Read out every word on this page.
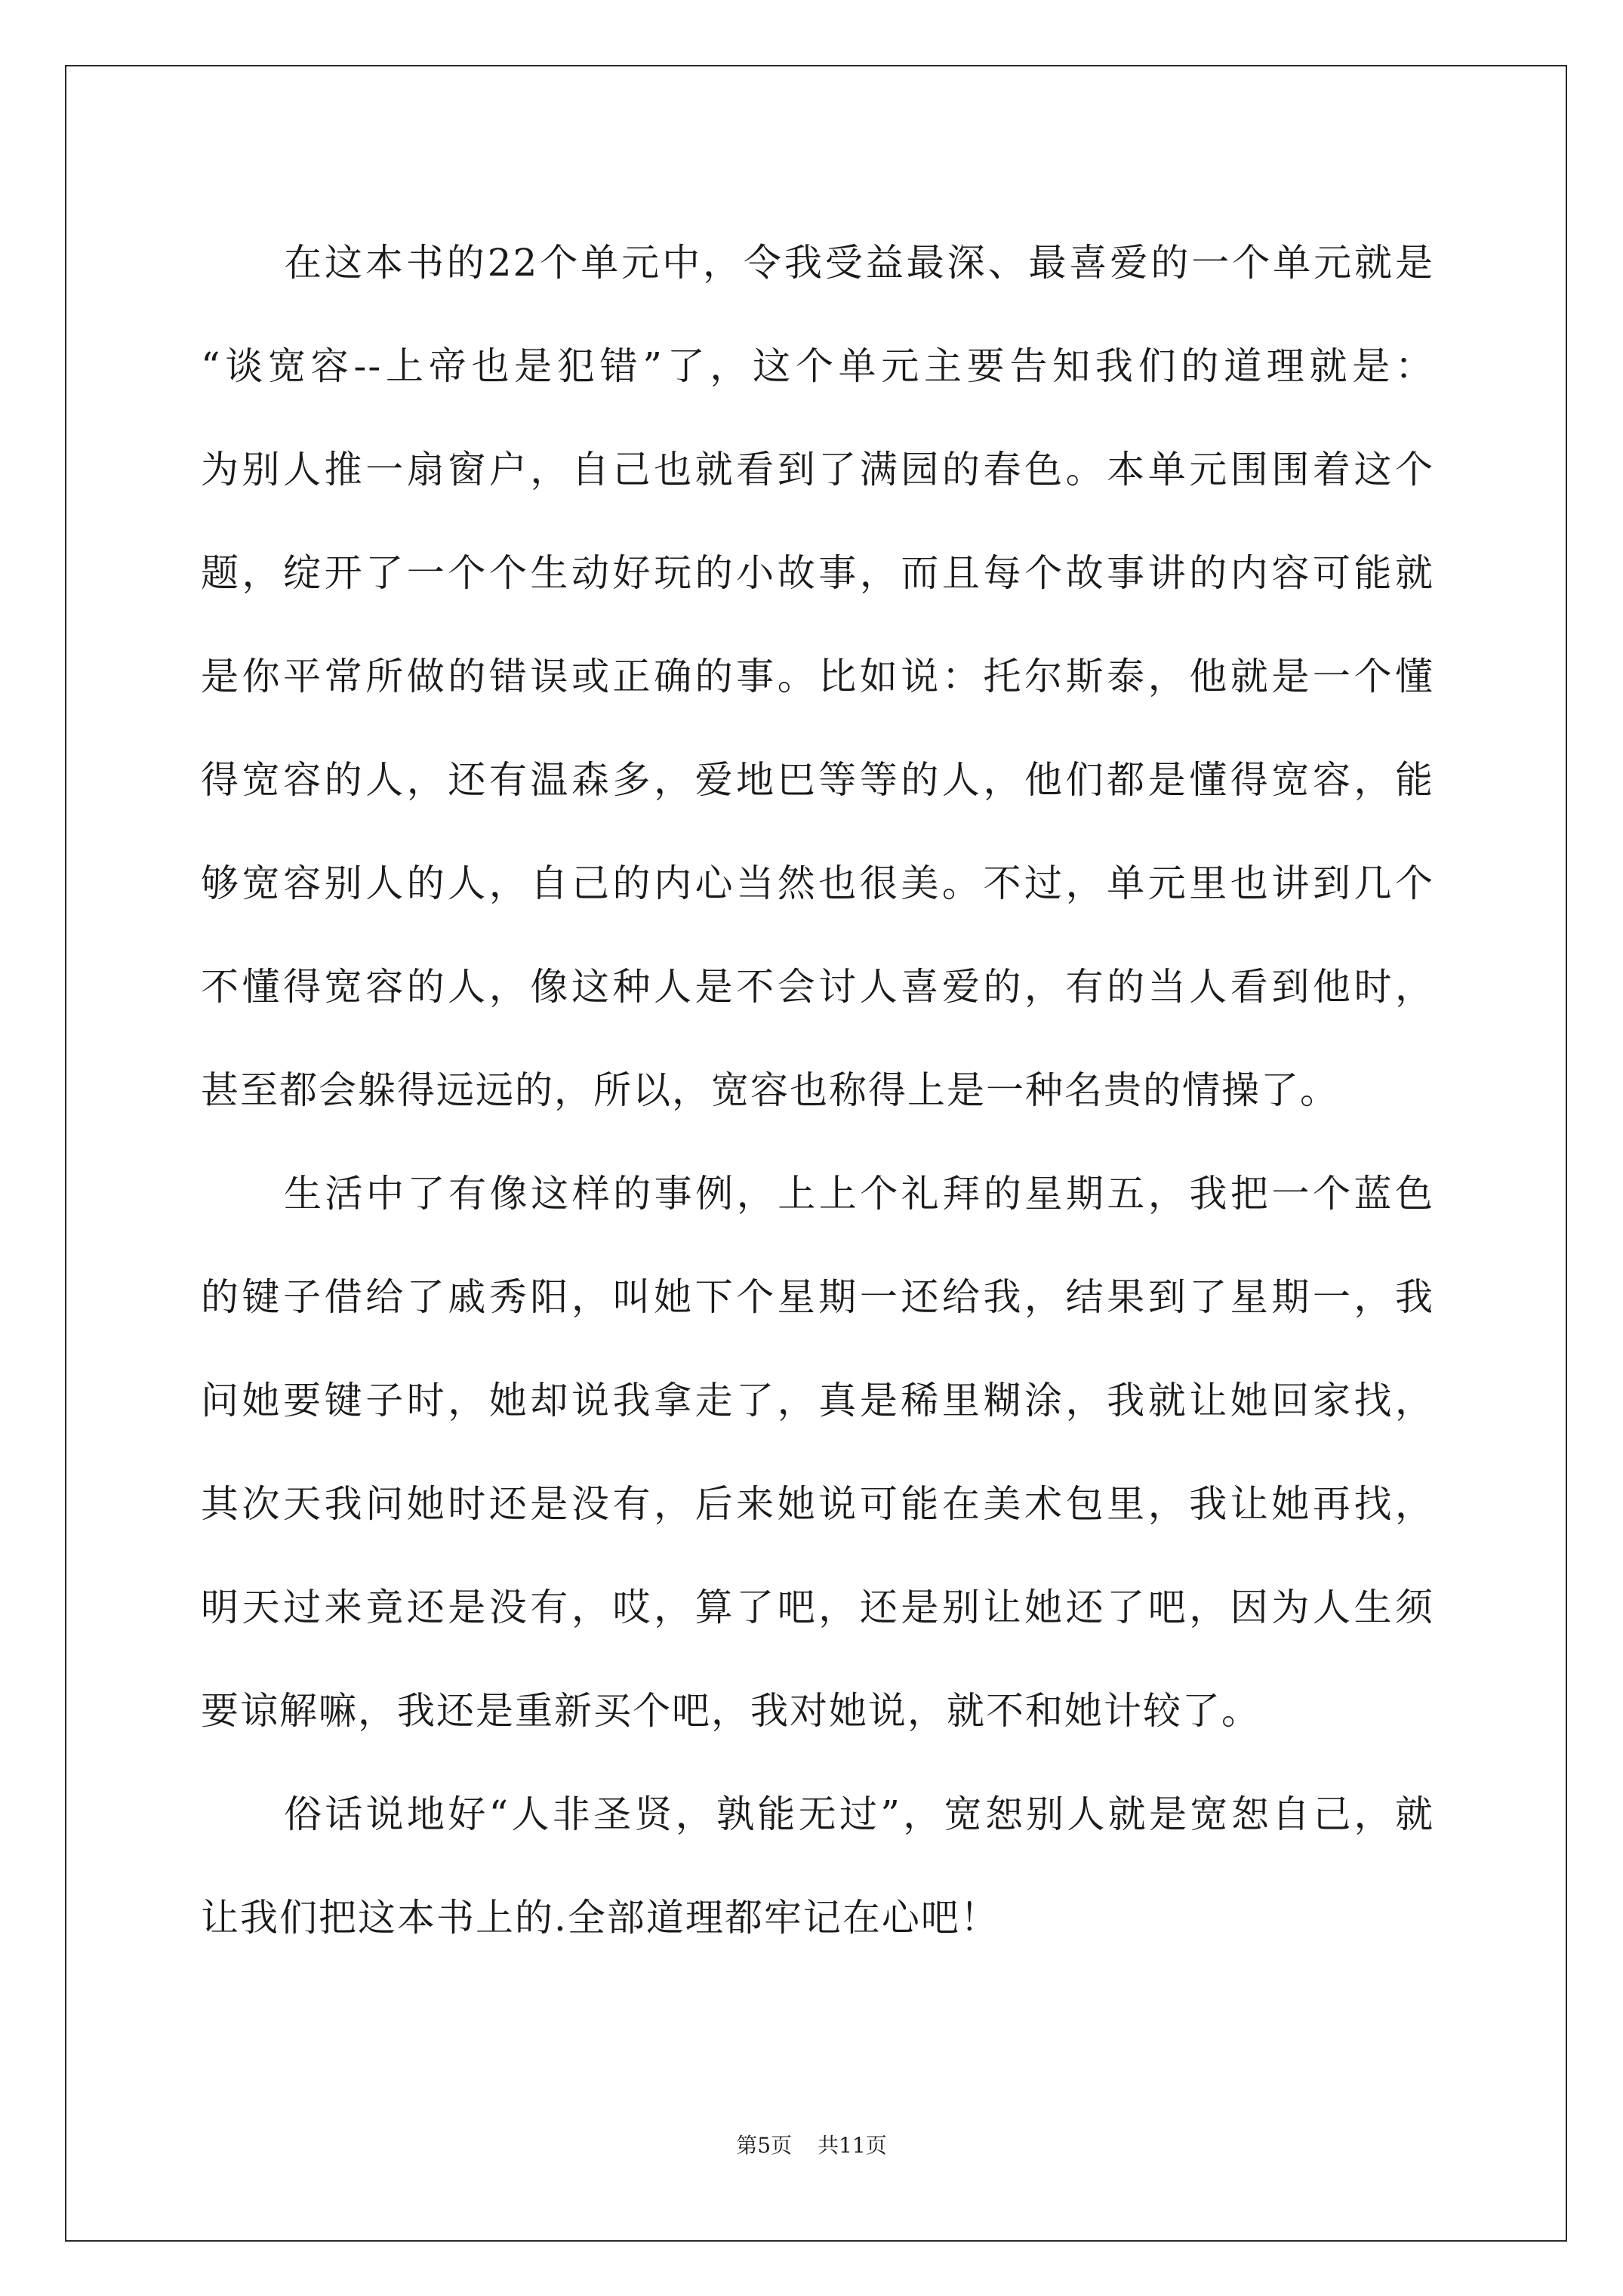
在这本书的22个单元中，令我受益最深、最喜爱的一个单元就是
“谈宽容--上帝也是犯错”了，这个单元主要告知我们的道理就是：
为别人推一扇窗户，自己也就看到了满园的春色。本单元围围着这个
题，绽开了一个个生动好玩的小故事，而且每个故事讲的内容可能就
是你平常所做的错误或正确的事。比如说：托尔斯泰，他就是一个懂
得宽容的人，还有温森多，爱地巴等等的人，他们都是懂得宽容，能
够宽容别人的人，自己的内心当然也很美。不过，单元里也讲到几个
不懂得宽容的人，像这种人是不会讨人喜爱的，有的当人看到他时，
甚至都会躲得远远的，所以，宽容也称得上是一种名贵的情操了。
生活中了有像这样的事例，上上个礼拜的星期五，我把一个蓝色
的键子借给了戚秀阳，叫她下个星期一还给我，结果到了星期一，我
问她要键子时，她却说我拿走了，真是稀里糊涂，我就让她回家找，
其次天我问她时还是没有，后来她说可能在美术包里，我让她再找，
明天过来竟还是没有，哎，算了吧，还是别让她还了吧，因为人生须
要谅解嘛，我还是重新买个吧，我对她说，就不和她计较了。
俗话说地好“人非圣贤，孰能无过”，宽恕别人就是宽恕自己，就
让我们把这本书上的.全部道理都牢记在心吧！
第5页 共11页
